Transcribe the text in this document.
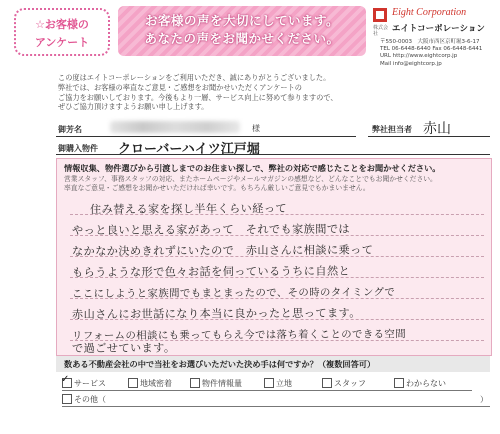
☆お客様の
アンケート
お客様の声を大切にしています。
あなたの声をお聞かせください。
Eight Corporation
株式会社	エイトコーポレーション
〒550-0003　大阪市西区京町堀3-6-17
TEL 06-6448-6440 Fax 06-6448-6441
URL http://www.eightcorp.jp
Mail info@eightcorp.jp
この度はエイトコーポレーションをご利用いただき、誠にありがとうございました。
弊社では、お客様の率直なご意見・ご感想をお聞かせいただくアンケートの
ご協力をお願いしております。今後もより一層、サービス向上に努めて参りますので、
ぜひご協力頂けますようお願い申し上げます。
御芳名	様	弊社担当者 赤山
御購入物件 クローバーハイツ江戸堀
情報収集、物件選びから引渡しまでのお住まい探しで、弊社の対応で感じたことをお聞かせください。
営業スタッフ、事務スタッフの対応、またホームページやメールマガジンの感想など、どんなことでもお聞かせください。
率直なご意見・ご感想をお聞かせいただければ幸いです。もちろん厳しいご意見でもかまいません。
住み替える家を探し半年くらい経って
やっと良いと思える家があって　それでも家族間では
なかなか決めきれずにいたので　赤山さんに相談に乗って
もらうような形で色々お話を伺っているうちに自然と
ここにしようと家族間でもまとまったので、その時のタイミングで
赤山さんにお世話になり本当に良かったと思ってます。
リフォームの相談にも乗ってもらえ今では落ち着くことのできる空間
で過ごせています。
数ある不動産会社の中で当社をお選びいただいた決め手は何ですか？（複数回答可）
✓ サービス	地域密着	物件情報量	立地	スタッフ	わからない
その他（	）
